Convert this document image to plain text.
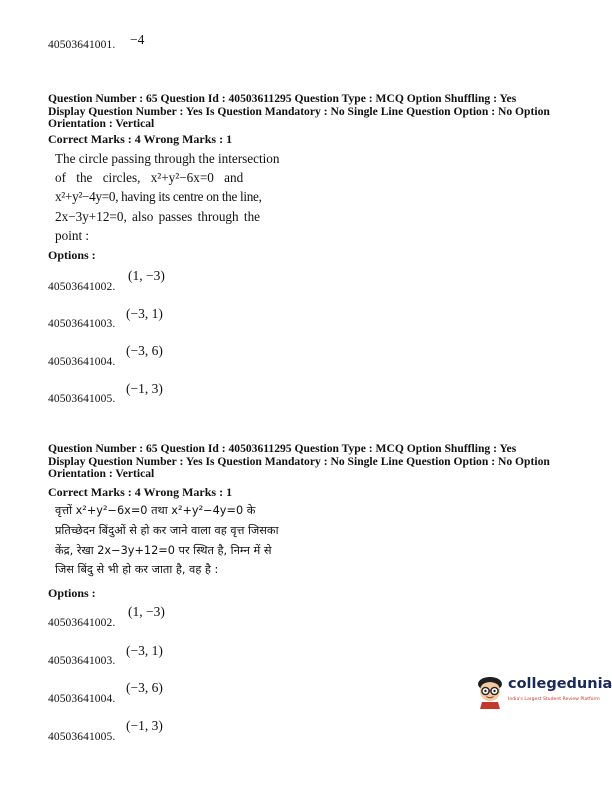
40503641001. −4
Question Number : 65 Question Id : 40503611295 Question Type : MCQ Option Shuffling : Yes
Display Question Number : Yes Is Question Mandatory : No Single Line Question Option : No Option
Orientation : Vertical
Correct Marks : 4 Wrong Marks : 1
The circle passing through the intersection
of the circles, x²+y²−6x=0 and
x²+y²−4y=0, having its centre on the line,
2x−3y+12=0, also passes through the
point :
Options :
40503641002.
(1, −3)
40503641003.
(−3, 1)
40503641004.
(−3, 6)
40503641005.
(−1, 3)
Question Number : 65 Question Id : 40503611295 Question Type : MCQ Option Shuffling : Yes
Display Question Number : Yes Is Question Mandatory : No Single Line Question Option : No Option
Orientation : Vertical
Correct Marks : 4 Wrong Marks : 1
वृत्तों x²+y²−6x=0 तथा x²+y²−4y=0 के
प्रतिच्छेदन बिंदुओं से हो कर जाने वाला वह वृत्त जिसका
केंद्र, रेखा 2x−3y+12=0 पर स्थित है, निम्न में से
जिस बिंदु से भी हो कर जाता है, वह है :
Options :
40503641002.
(1, −3)
40503641003.
(−3, 1)
40503641004.
(−3, 6)
40503641005.
(−1, 3)
collegedunia
India's Largest Student Review Platform
